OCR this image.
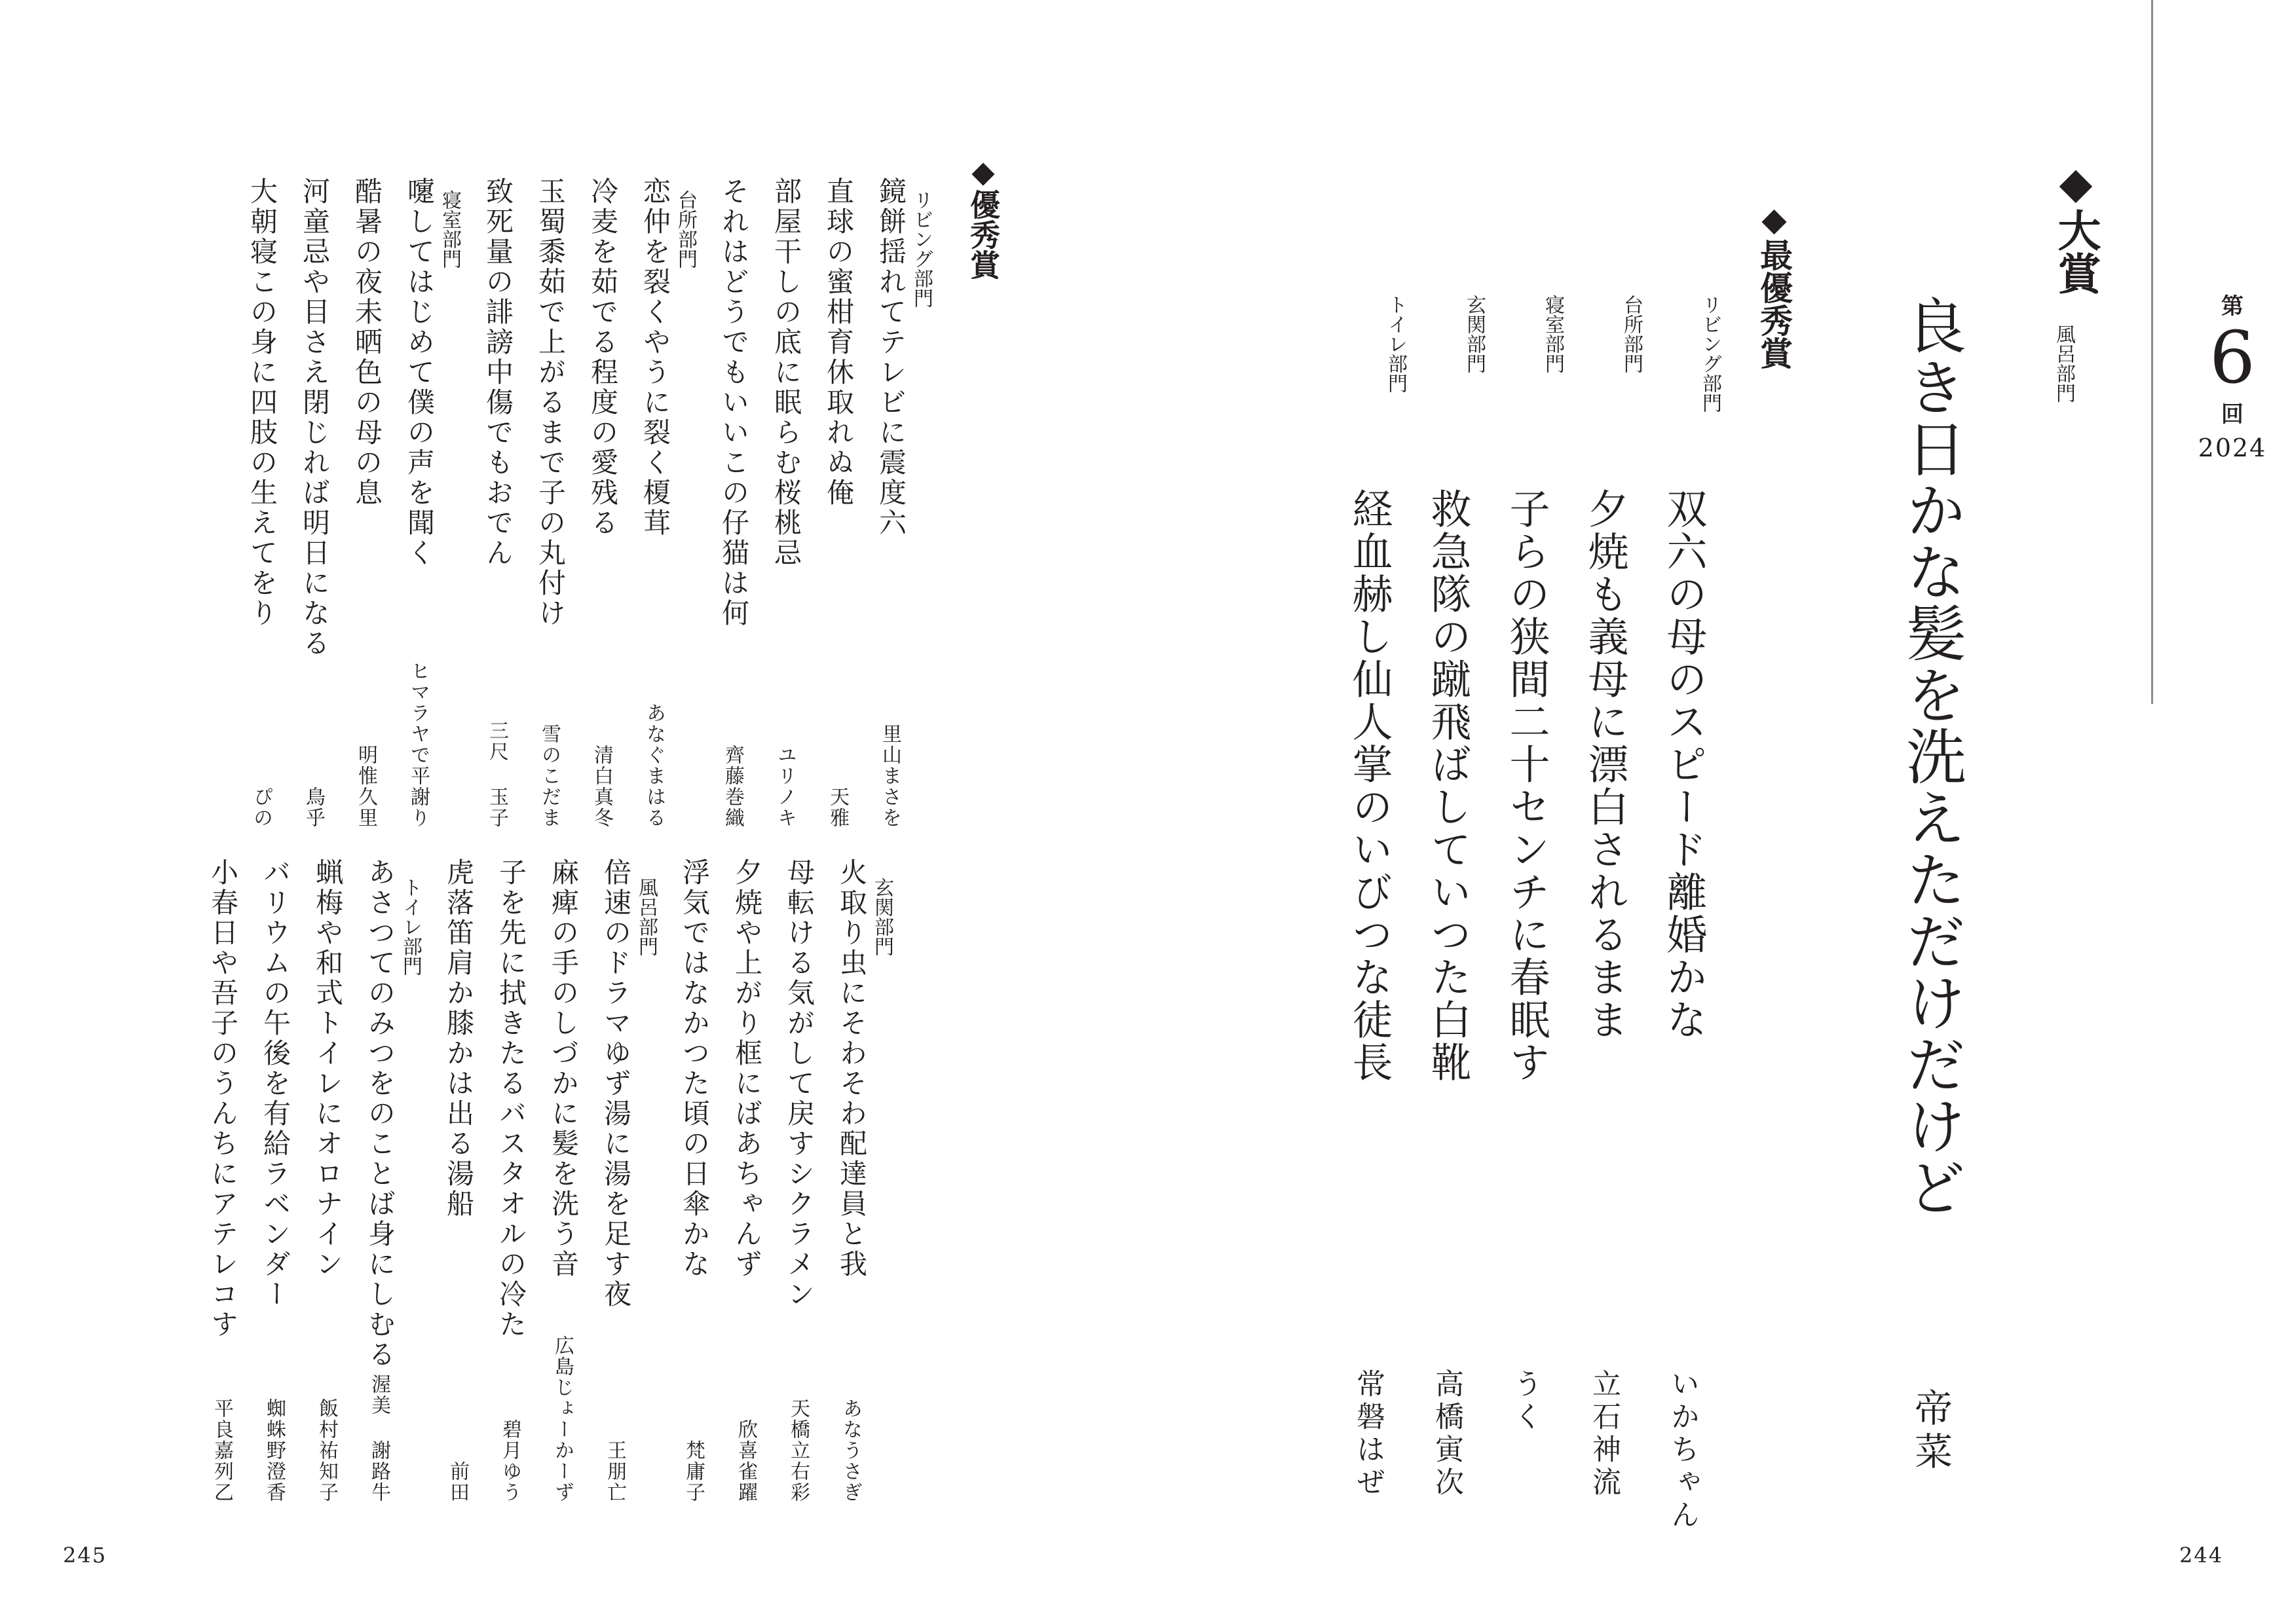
第
6
回
2024
◆大賞
風呂部門
良き日かな髪を洗えただけだけど
帝菜
◆最優秀賞
リビング部門
双六の母のスピード離婚かな
いかちゃん
台所部門
夕焼も義母に漂白されるまま
立石神流
寝室部門
子らの狭間二十センチに春眠す
うく
玄関部門
救急隊の蹴飛ばしていつた白靴
高橋寅次
トイレ部門
経血赫し仙人掌のいびつな徒長
常磐はぜ
◆優秀賞
リビング部門
鏡餅揺れてテレビに震度六
里山まさを
直球の蜜柑育休取れぬ俺
天雅
部屋干しの底に眠らむ桜桃忌
ユリノキ
それはどうでもいいこの仔猫は何
齊藤巻織
台所部門
恋仲を裂くやうに裂く榎茸
あなぐまはる
冷麦を茹でる程度の愛残る
清白真冬
玉蜀黍茹で上がるまで子の丸付け
雪のこだま
致死量の誹謗中傷でもおでん
三尺 玉子
寝室部門
嚔してはじめて僕の声を聞く
ヒマラヤで平謝り
酷暑の夜未晒色の母の息
明惟久里
河童忌や目さえ閉じれば明日になる
鳥乎
大朝寝この身に四肢の生えてをり
ぴの
玄関部門
火取り虫にそわそわ配達員と我
あなうさぎ
母転ける気がして戻すシクラメン
天橋立右彩
夕焼や上がり框にばあちゃんず
欣喜雀躍
浮気ではなかつた頃の日傘かな
梵庸子
風呂部門
倍速のドラマゆず湯に湯を足す夜
王朋亡
麻痺の手のしづかに髪を洗う音
広島じょーかーず
子を先に拭きたるバスタオルの冷た
碧月ゆう
虎落笛肩か膝かは出る湯船
前田
トイレ部門
あさつてのみつをのことば身にしむる
渥美 謝路牛
蝋梅や和式トイレにオロナイン
飯村祐知子
バリウムの午後を有給ラベンダー
蜘蛛野澄香
小春日や吾子のうんちにアテレコす
平良嘉列乙
245	244
